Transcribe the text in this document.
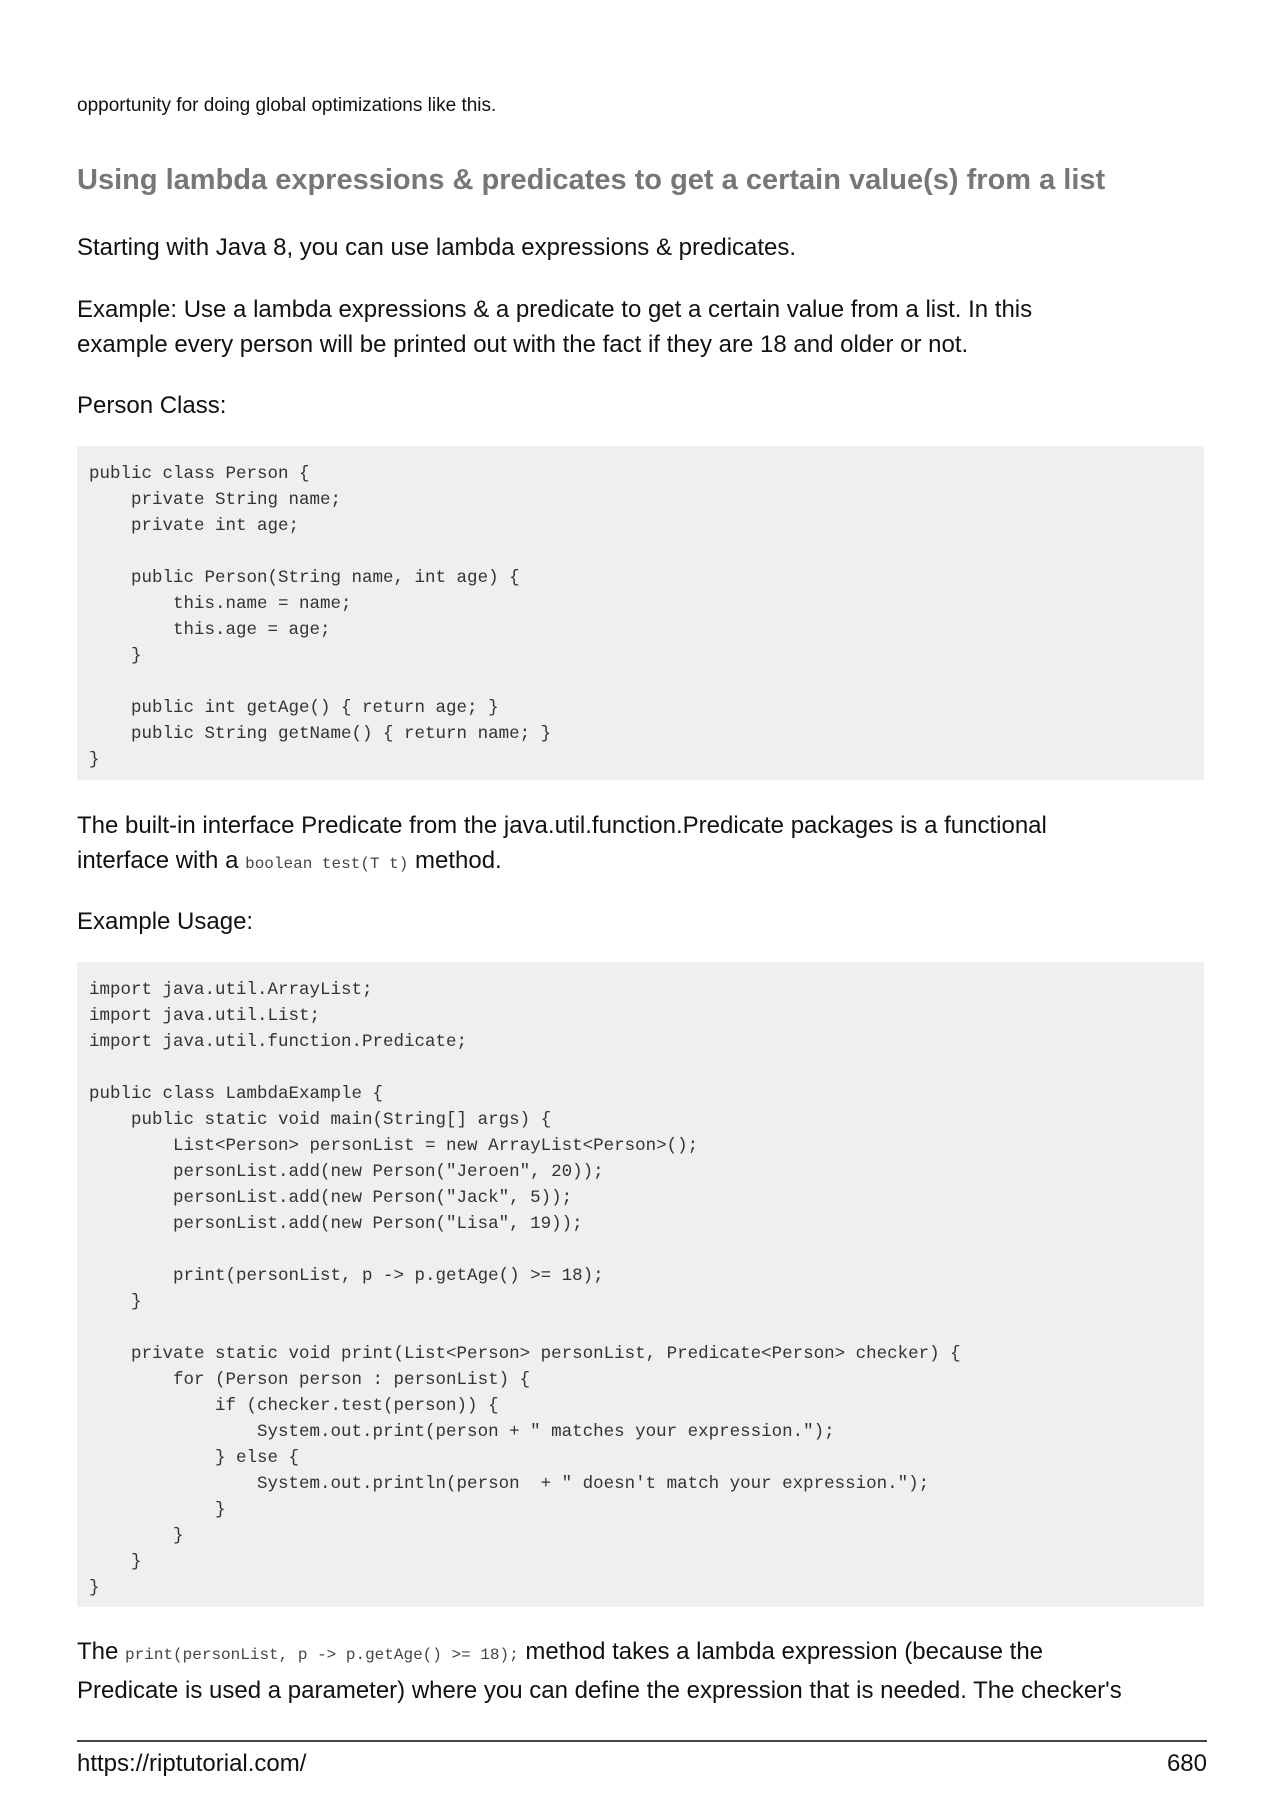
opportunity for doing global optimizations like this.

Using lambda expressions & predicates to get a certain value(s) from a list

Starting with Java 8, you can use lambda expressions & predicates.

Example: Use a lambda expressions & a predicate to get a certain value from a list. In this
example every person will be printed out with the fact if they are 18 and older or not.

Person Class:

public class Person {
private String name;
private int age;
public Person(String name, int age) {
this.name = name;
this.age = age;
}
public int getAge() { return age; }
public String getName() { return name; }
}
The built-in interface Predicate from the java.util.function.Predicate packages is a functional
interface with a boolean test(T t) method.

Example Usage:

import java.util.ArrayList;
import java.util.List;
import java.util.function.Predicate;
public class LambdaExample {
public static void main(String[] args) {
List<Person> personList = new ArrayList<Person>();
personList.add(new Person("Jeroen", 20));
personList.add(new Person("Jack", 5));
personList.add(new Person("Lisa", 19));
print(personList, p -> p.getAge() >= 18);
}
private static void print(List<Person> personList, Predicate<Person> checker) {
for (Person person : personList) {
if (checker.test(person)) {
System.out.print(person + " matches your expression.");
} else {
System.out.println(person  + " doesn't match your expression.");
}
}
}
}
The print(personList, p -> p.getAge() >= 18); method takes a lambda expression (because the
Predicate is used a parameter) where you can define the expression that is needed. The checker's
https://riptutorial.com/	680
